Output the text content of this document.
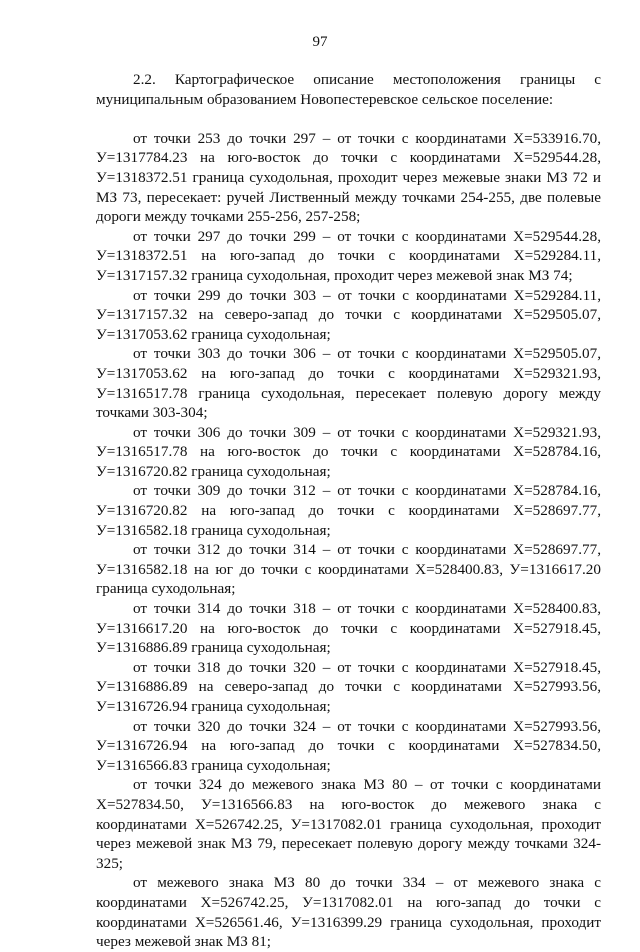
97

2.2. Картографическое описание местоположения границы с муниципальным образованием Новопестеревское сельское поселение:

от точки 253 до точки 297 – от точки с координатами Х=533916.70, У=1317784.23 на юго-восток до точки с координатами Х=529544.28, У=1318372.51 граница суходольная, проходит через межевые знаки МЗ 72 и МЗ 73, пересекает: ручей Лиственный между точками 254-255, две полевые дороги между точками 255-256, 257-258;

от точки 297 до точки 299 – от точки с координатами Х=529544.28, У=1318372.51 на юго-запад до точки с координатами Х=529284.11, У=1317157.32 граница суходольная, проходит через межевой знак МЗ 74;

от точки 299 до точки 303 – от точки с координатами Х=529284.11, У=1317157.32 на северо-запад до точки с координатами Х=529505.07, У=1317053.62 граница суходольная;

от точки 303 до точки 306 – от точки с координатами Х=529505.07, У=1317053.62 на юго-запад до точки с координатами Х=529321.93, У=1316517.78 граница суходольная, пересекает полевую дорогу между точками 303-304;

от точки 306 до точки 309 – от точки с координатами Х=529321.93, У=1316517.78 на юго-восток до точки с координатами Х=528784.16, У=1316720.82 граница суходольная;

от точки 309 до точки 312 – от точки с координатами Х=528784.16, У=1316720.82 на юго-запад до точки с координатами Х=528697.77, У=1316582.18 граница суходольная;

от точки 312 до точки 314 – от точки с координатами Х=528697.77, У=1316582.18 на юг до точки с координатами Х=528400.83, У=1316617.20 граница суходольная;

от точки 314 до точки 318 – от точки с координатами Х=528400.83, У=1316617.20 на юго-восток до точки с координатами Х=527918.45, У=1316886.89 граница суходольная;

от точки 318 до точки 320 – от точки с координатами Х=527918.45, У=1316886.89 на северо-запад до точки с координатами Х=527993.56, У=1316726.94 граница суходольная;

от точки 320 до точки 324 – от точки с координатами Х=527993.56, У=1316726.94 на юго-запад до точки с координатами Х=527834.50, У=1316566.83 граница суходольная;

от точки 324 до межевого знака МЗ 80 – от точки с координатами Х=527834.50, У=1316566.83 на юго-восток до межевого знака с координатами Х=526742.25, У=1317082.01 граница суходольная, проходит через межевой знак МЗ 79, пересекает полевую дорогу между точками 324-325;

от межевого знака МЗ 80 до точки 334 – от межевого знака с координатами Х=526742.25, У=1317082.01 на юго-запад до точки с координатами Х=526561.46, У=1316399.29 граница суходольная, проходит через межевой знак МЗ 81;
